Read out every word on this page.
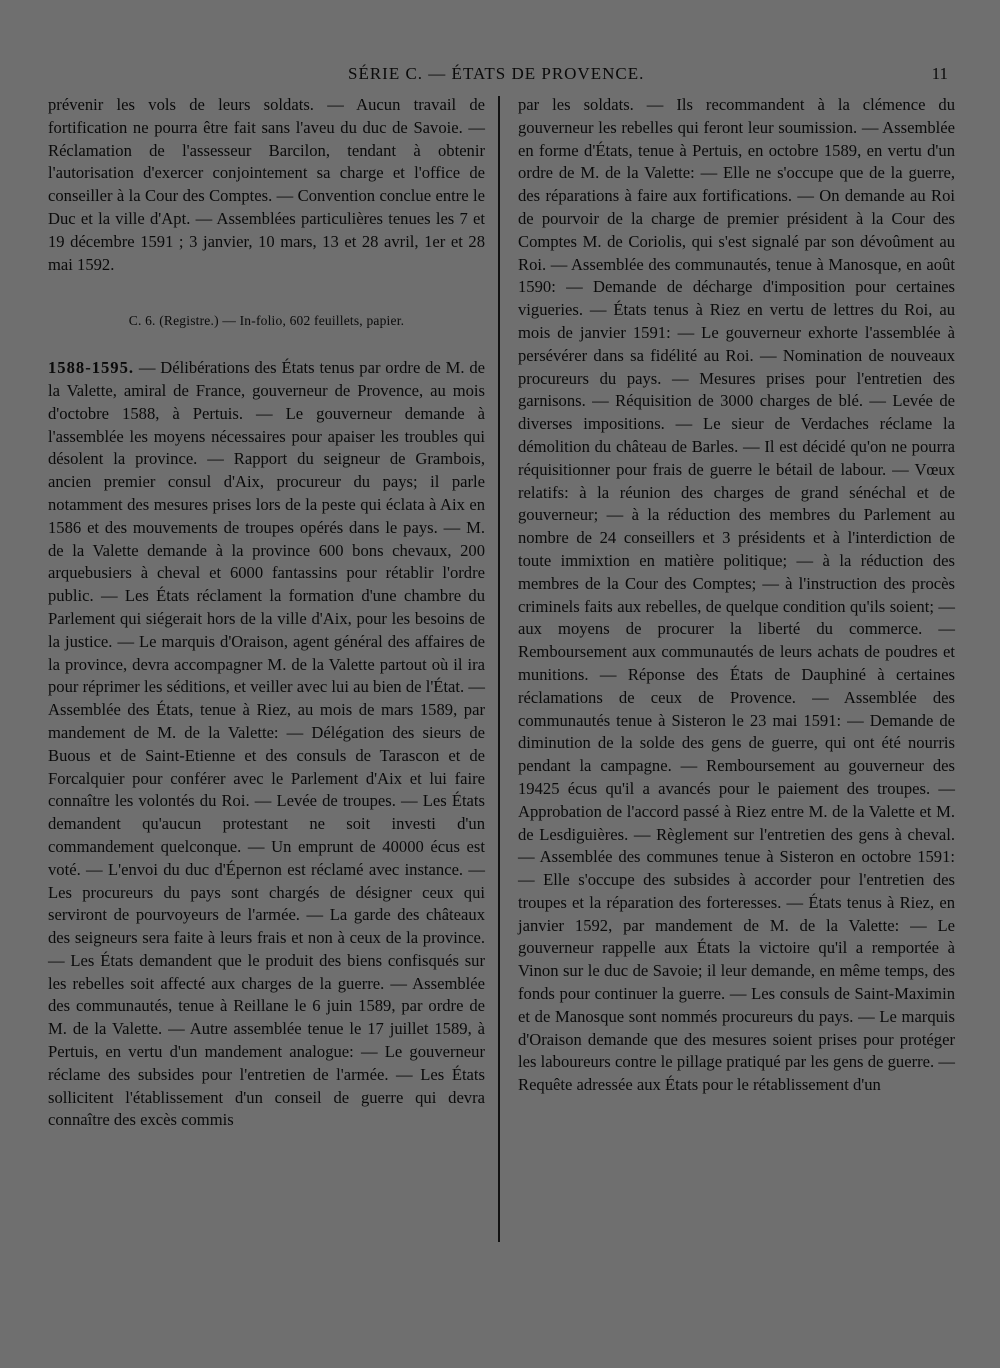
SÉRIE C. — ÉTATS DE PROVENCE.	11

prévenir les vols de leurs soldats. — Aucun travail de fortification ne pourra être fait sans l'aveu du duc de Savoie. — Réclamation de l'assesseur Barcilon, tendant à obtenir l'autorisation d'exercer conjointement sa charge et l'office de conseiller à la Cour des Comptes. — Convention conclue entre le Duc et la ville d'Apt. — Assemblées particulières tenues les 7 et 19 décembre 1591 ; 3 janvier, 10 mars, 13 et 28 avril, 1er et 28 mai 1592.

C. 6. (Registre.) — In-folio, 602 feuillets, papier.

1588-1595. — Délibérations des États tenus par ordre de M. de la Valette, amiral de France, gouverneur de Provence, au mois d'octobre 1588, à Pertuis. — Le gouverneur demande à l'assemblée les moyens nécessaires pour apaiser les troubles qui désolent la province. — Rapport du seigneur de Grambois, ancien premier consul d'Aix, procureur du pays; il parle notamment des mesures prises lors de la peste qui éclata à Aix en 1586 et des mouvements de troupes opérés dans le pays. — M. de la Valette demande à la province 600 bons chevaux, 200 arquebusiers à cheval et 6000 fantassins pour rétablir l'ordre public. — Les États réclament la formation d'une chambre du Parlement qui siégerait hors de la ville d'Aix, pour les besoins de la justice. — Le marquis d'Oraison, agent général des affaires de la province, devra accompagner M. de la Valette partout où il ira pour réprimer les séditions, et veiller avec lui au bien de l'État. — Assemblée des États, tenue à Riez, au mois de mars 1589, par mandement de M. de la Valette: — Délégation des sieurs de Buous et de Saint-Etienne et des consuls de Tarascon et de Forcalquier pour conférer avec le Parlement d'Aix et lui faire connaître les volontés du Roi. — Levée de troupes. — Les États demandent qu'aucun protestant ne soit investi d'un commandement quelconque. — Un emprunt de 40000 écus est voté. — L'envoi du duc d'Épernon est réclamé avec instance. — Les procureurs du pays sont chargés de désigner ceux qui serviront de pourvoyeurs de l'armée. — La garde des châteaux des seigneurs sera faite à leurs frais et non à ceux de la province. — Les États demandent que le produit des biens confisqués sur les rebelles soit affecté aux charges de la guerre. — Assemblée des communautés, tenue à Reillane le 6 juin 1589, par ordre de M. de la Valette. — Autre assemblée tenue le 17 juillet 1589, à Pertuis, en vertu d'un mandement analogue: — Le gouverneur réclame des subsides pour l'entretien de l'armée. — Les États sollicitent l'établissement d'un conseil de guerre qui devra connaître des excès commis

par les soldats. — Ils recommandent à la clémence du gouverneur les rebelles qui feront leur soumission. — Assemblée en forme d'États, tenue à Pertuis, en octobre 1589, en vertu d'un ordre de M. de la Valette: — Elle ne s'occupe que de la guerre, des réparations à faire aux fortifications. — On demande au Roi de pourvoir de la charge de premier président à la Cour des Comptes M. de Coriolis, qui s'est signalé par son dévoûment au Roi. — Assemblée des communautés, tenue à Manosque, en août 1590: — Demande de décharge d'imposition pour certaines vigueries. — États tenus à Riez en vertu de lettres du Roi, au mois de janvier 1591: — Le gouverneur exhorte l'assemblée à persévérer dans sa fidélité au Roi. — Nomination de nouveaux procureurs du pays. — Mesures prises pour l'entretien des garnisons. — Réquisition de 3000 charges de blé. — Levée de diverses impositions. — Le sieur de Verdaches réclame la démolition du château de Barles. — Il est décidé qu'on ne pourra réquisitionner pour frais de guerre le bétail de labour. — Vœux relatifs: à la réunion des charges de grand sénéchal et de gouverneur; — à la réduction des membres du Parlement au nombre de 24 conseillers et 3 présidents et à l'interdiction de toute immixtion en matière politique; — à la réduction des membres de la Cour des Comptes; — à l'instruction des procès criminels faits aux rebelles, de quelque condition qu'ils soient; — aux moyens de procurer la liberté du commerce. — Remboursement aux communautés de leurs achats de poudres et munitions. — Réponse des États de Dauphiné à certaines réclamations de ceux de Provence. — Assemblée des communautés tenue à Sisteron le 23 mai 1591: — Demande de diminution de la solde des gens de guerre, qui ont été nourris pendant la campagne. — Remboursement au gouverneur des 19425 écus qu'il a avancés pour le paiement des troupes. — Approbation de l'accord passé à Riez entre M. de la Valette et M. de Lesdiguières. — Règlement sur l'entretien des gens à cheval. — Assemblée des communes tenue à Sisteron en octobre 1591: — Elle s'occupe des subsides à accorder pour l'entretien des troupes et la réparation des forteresses. — États tenus à Riez, en janvier 1592, par mandement de M. de la Valette: — Le gouverneur rappelle aux États la victoire qu'il a remportée à Vinon sur le duc de Savoie; il leur demande, en même temps, des fonds pour continuer la guerre. — Les consuls de Saint-Maximin et de Manosque sont nommés procureurs du pays. — Le marquis d'Oraison demande que des mesures soient prises pour protéger les laboureurs contre le pillage pratiqué par les gens de guerre. — Requête adressée aux États pour le rétablissement d'un
